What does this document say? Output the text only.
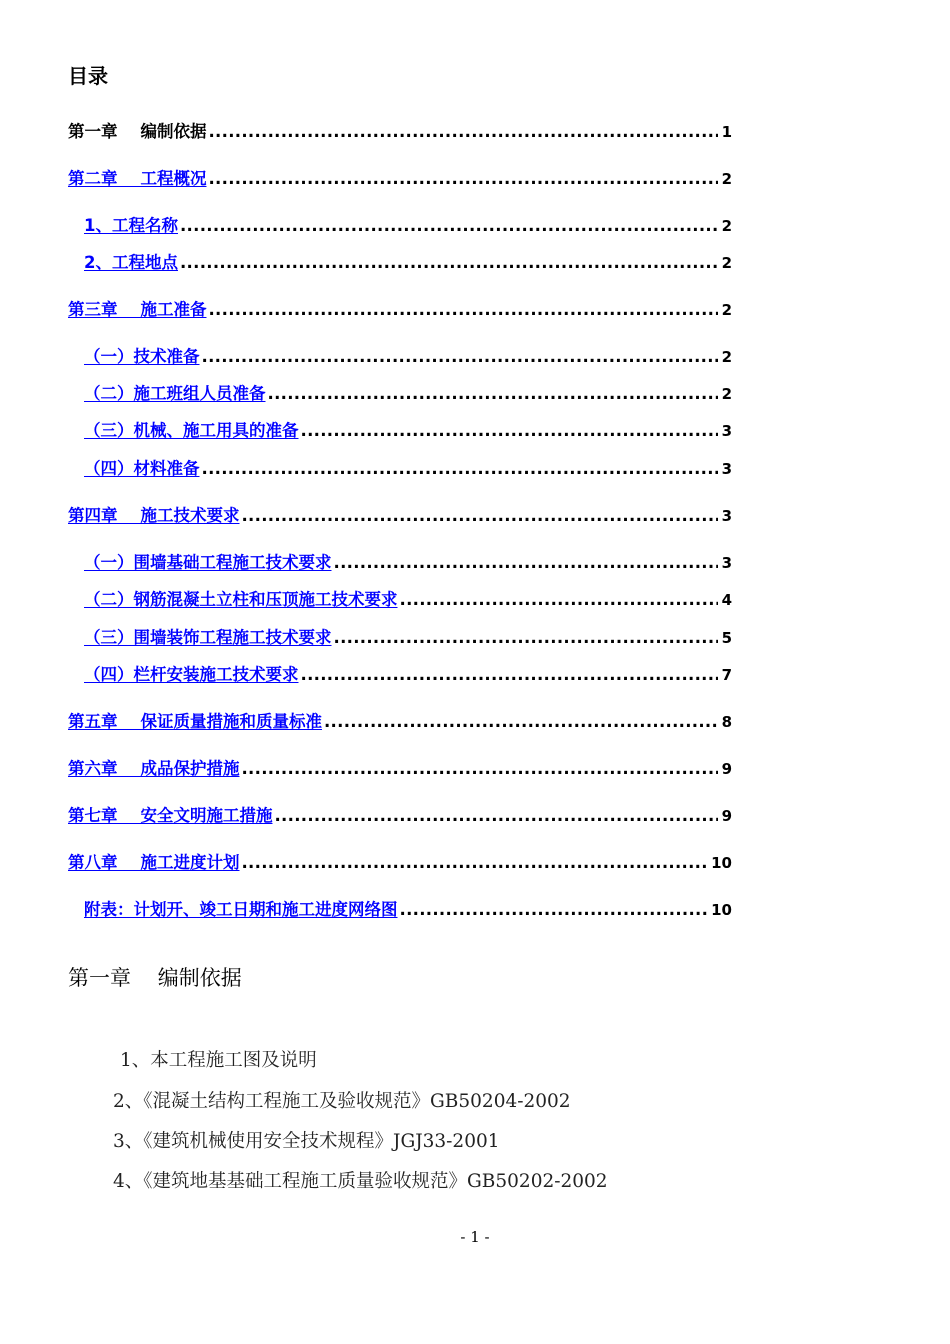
目录
第一章    编制依据 .....	1
第二章    工程概况 .....	2
1、工程名称 .....	2
2、工程地点 .....	2
第三章    施工准备 .....	2
（一）技术准备 .....	2
（二）施工班组人员准备 .....	2
（三）机械、施工用具的准备 .....	3
（四）材料准备 .....	3
第四章    施工技术要求 .....	3
（一）围墙基础工程施工技术要求 .....	3
（二）钢筋混凝土立柱和压顶施工技术要求 .....	4
（三）围墙装饰工程施工技术要求 .....	5
（四）栏杆安装施工技术要求 .....	7
第五章    保证质量措施和质量标准 .....	8
第六章    成品保护措施 .....	9
第七章    安全文明施工措施 .....	9
第八章    施工进度计划 .....	10
附表：计划开、竣工日期和施工进度网络图 .....	10
第一章    编制依据
1、本工程施工图及说明
2、《混凝土结构工程施工及验收规范》GB50204-2002
3、《建筑机械使用安全技术规程》JGJ33-2001
4、《建筑地基基础工程施工质量验收规范》GB50202-2002
- 1 -
